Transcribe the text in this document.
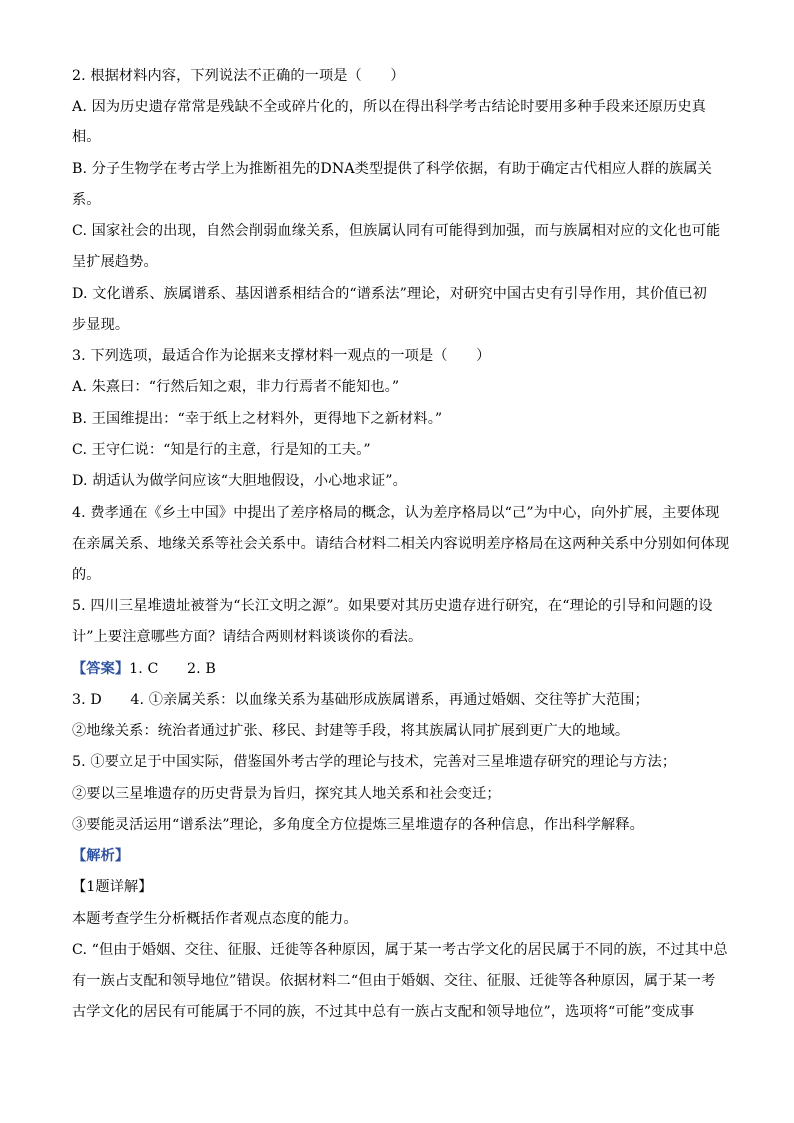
2. 根据材料内容，下列说法不正确的一项是（　　）
A. 因为历史遗存常常是残缺不全或碎片化的，所以在得出科学考古结论时要用多种手段来还原历史真
相。
B. 分子生物学在考古学上为推断祖先的DNA类型提供了科学依据，有助于确定古代相应人群的族属关
系。
C. 国家社会的出现，自然会削弱血缘关系，但族属认同有可能得到加强，而与族属相对应的文化也可能
呈扩展趋势。
D. 文化谱系、族属谱系、基因谱系相结合的“谱系法”理论，对研究中国古史有引导作用，其价值已初
步显现。
3. 下列选项，最适合作为论据来支撑材料一观点的一项是（　　）
A. 朱熹曰：“行然后知之艰，非力行焉者不能知也。”
B. 王国维提出：“幸于纸上之材料外，更得地下之新材料。”
C. 王守仁说：“知是行的主意，行是知的工夫。”
D. 胡适认为做学问应该“大胆地假设，小心地求证”。
4. 费孝通在《乡土中国》中提出了差序格局的概念，认为差序格局以“己”为中心，向外扩展，主要体现
在亲属关系、地缘关系等社会关系中。请结合材料二相关内容说明差序格局在这两种关系中分别如何体现
的。
5. 四川三星堆遗址被誉为“长江文明之源”。如果要对其历史遗存进行研究，在“理论的引导和问题的设
计”上要注意哪些方面？请结合两则材料谈谈你的看法。
【答案】1. C　　2. B
3. D　　4. ①亲属关系：以血缘关系为基础形成族属谱系，再通过婚姻、交往等扩大范围；
②地缘关系：统治者通过扩张、移民、封建等手段，将其族属认同扩展到更广大的地域。
5. ①要立足于中国实际，借鉴国外考古学的理论与技术，完善对三星堆遗存研究的理论与方法；
②要以三星堆遗存的历史背景为旨归，探究其人地关系和社会变迁；
③要能灵活运用“谱系法”理论，多角度全方位提炼三星堆遗存的各种信息，作出科学解释。
【解析】
【1题详解】
本题考查学生分析概括作者观点态度的能力。
C. “但由于婚姻、交往、征服、迁徙等各种原因，属于某一考古学文化的居民属于不同的族，不过其中总
有一族占支配和领导地位”错误。依据材料二“但由于婚姻、交往、征服、迁徙等各种原因，属于某一考
古学文化的居民有可能属于不同的族，不过其中总有一族占支配和领导地位”，选项将“可能”变成事
